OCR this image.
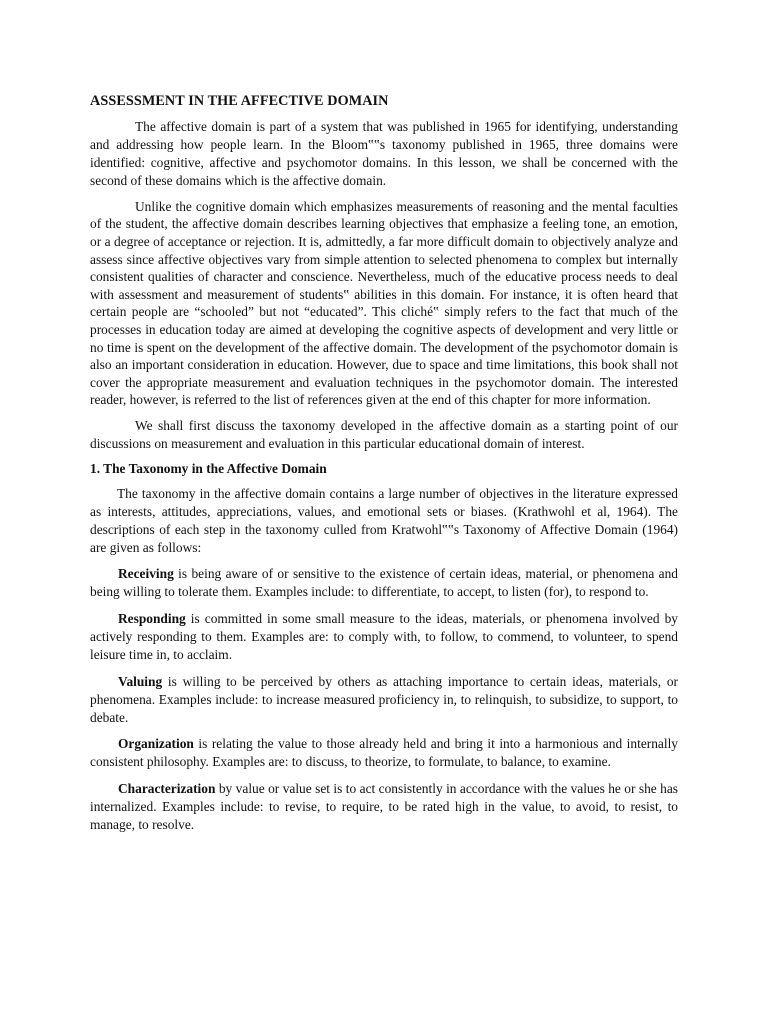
ASSESSMENT IN THE AFFECTIVE DOMAIN

The affective domain is part of a system that was published in 1965 for identifying, understanding and addressing how people learn. In the Bloom‟‟s taxonomy published in 1965, three domains were identified: cognitive, affective and psychomotor domains. In this lesson, we shall be concerned with the second of these domains which is the affective domain.

Unlike the cognitive domain which emphasizes measurements of reasoning and the mental faculties of the student, the affective domain describes learning objectives that emphasize a feeling tone, an emotion, or a degree of acceptance or rejection. It is, admittedly, a far more difficult domain to objectively analyze and assess since affective objectives vary from simple attention to selected phenomena to complex but internally consistent qualities of character and conscience. Nevertheless, much of the educative process needs to deal with assessment and measurement of students‟ abilities in this domain. For instance, it is often heard that certain people are “schooled” but not “educated”. This cliché‟ simply refers to the fact that much of the processes in education today are aimed at developing the cognitive aspects of development and very little or no time is spent on the development of the affective domain. The development of the psychomotor domain is also an important consideration in education. However, due to space and time limitations, this book shall not cover the appropriate measurement and evaluation techniques in the psychomotor domain. The interested reader, however, is referred to the list of references given at the end of this chapter for more information.

We shall first discuss the taxonomy developed in the affective domain as a starting point of our discussions on measurement and evaluation in this particular educational domain of interest.

1. The Taxonomy in the Affective Domain

The taxonomy in the affective domain contains a large number of objectives in the literature expressed as interests, attitudes, appreciations, values, and emotional sets or biases. (Krathwohl et al, 1964). The descriptions of each step in the taxonomy culled from Kratwohl‟‟s Taxonomy of Affective Domain (1964) are given as follows:

Receiving is being aware of or sensitive to the existence of certain ideas, material, or phenomena and being willing to tolerate them. Examples include: to differentiate, to accept, to listen (for), to respond to.

Responding is committed in some small measure to the ideas, materials, or phenomena involved by actively responding to them. Examples are: to comply with, to follow, to commend, to volunteer, to spend leisure time in, to acclaim.

Valuing is willing to be perceived by others as attaching importance to certain ideas, materials, or phenomena. Examples include: to increase measured proficiency in, to relinquish, to subsidize, to support, to debate.

Organization is relating the value to those already held and bring it into a harmonious and internally consistent philosophy. Examples are: to discuss, to theorize, to formulate, to balance, to examine.

Characterization by value or value set is to act consistently in accordance with the values he or she has internalized. Examples include: to revise, to require, to be rated high in the value, to avoid, to resist, to manage, to resolve.
